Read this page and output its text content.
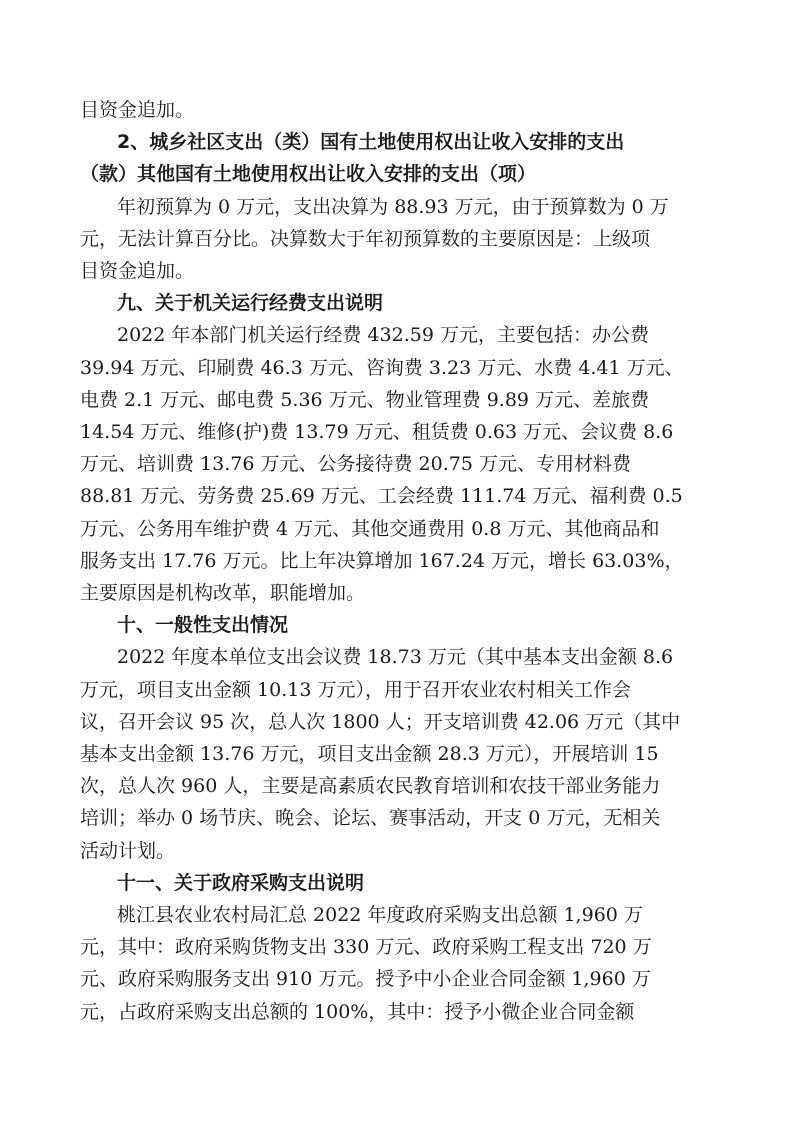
目资金追加。
2、城乡社区支出（类）国有土地使用权出让收入安排的支出
（款）其他国有土地使用权出让收入安排的支出（项）
年初预算为 0 万元，支出决算为 88.93 万元，由于预算数为 0 万
元，无法计算百分比。决算数大于年初预算数的主要原因是：上级项
目资金追加。
九、关于机关运行经费支出说明
2022 年本部门机关运行经费 432.59 万元，主要包括：办公费
39.94 万元、印刷费 46.3 万元、咨询费 3.23 万元、水费 4.41 万元、
电费 2.1 万元、邮电费 5.36 万元、物业管理费 9.89 万元、差旅费
14.54 万元、维修(护)费 13.79 万元、租赁费 0.63 万元、会议费 8.6
万元、培训费 13.76 万元、公务接待费 20.75 万元、专用材料费
88.81 万元、劳务费 25.69 万元、工会经费 111.74 万元、福利费 0.5
万元、公务用车维护费 4 万元、其他交通费用 0.8 万元、其他商品和
服务支出 17.76 万元。比上年决算增加 167.24 万元，增长 63.03%，
主要原因是机构改革，职能增加。
十、一般性支出情况
2022 年度本单位支出会议费 18.73 万元（其中基本支出金额 8.6
万元，项目支出金额 10.13 万元），用于召开农业农村相关工作会
议，召开会议 95 次，总人次 1800 人；开支培训费 42.06 万元（其中
基本支出金额 13.76 万元，项目支出金额 28.3 万元），开展培训 15
次，总人次 960 人，主要是高素质农民教育培训和农技干部业务能力
培训；举办 0 场节庆、晚会、论坛、赛事活动，开支 0 万元，无相关
活动计划。
十一、关于政府采购支出说明
桃江县农业农村局汇总 2022 年度政府采购支出总额 1,960 万
元，其中：政府采购货物支出 330 万元、政府采购工程支出 720 万
元、政府采购服务支出 910 万元。授予中小企业合同金额 1,960 万
元，占政府采购支出总额的 100%，其中：授予小微企业合同金额
